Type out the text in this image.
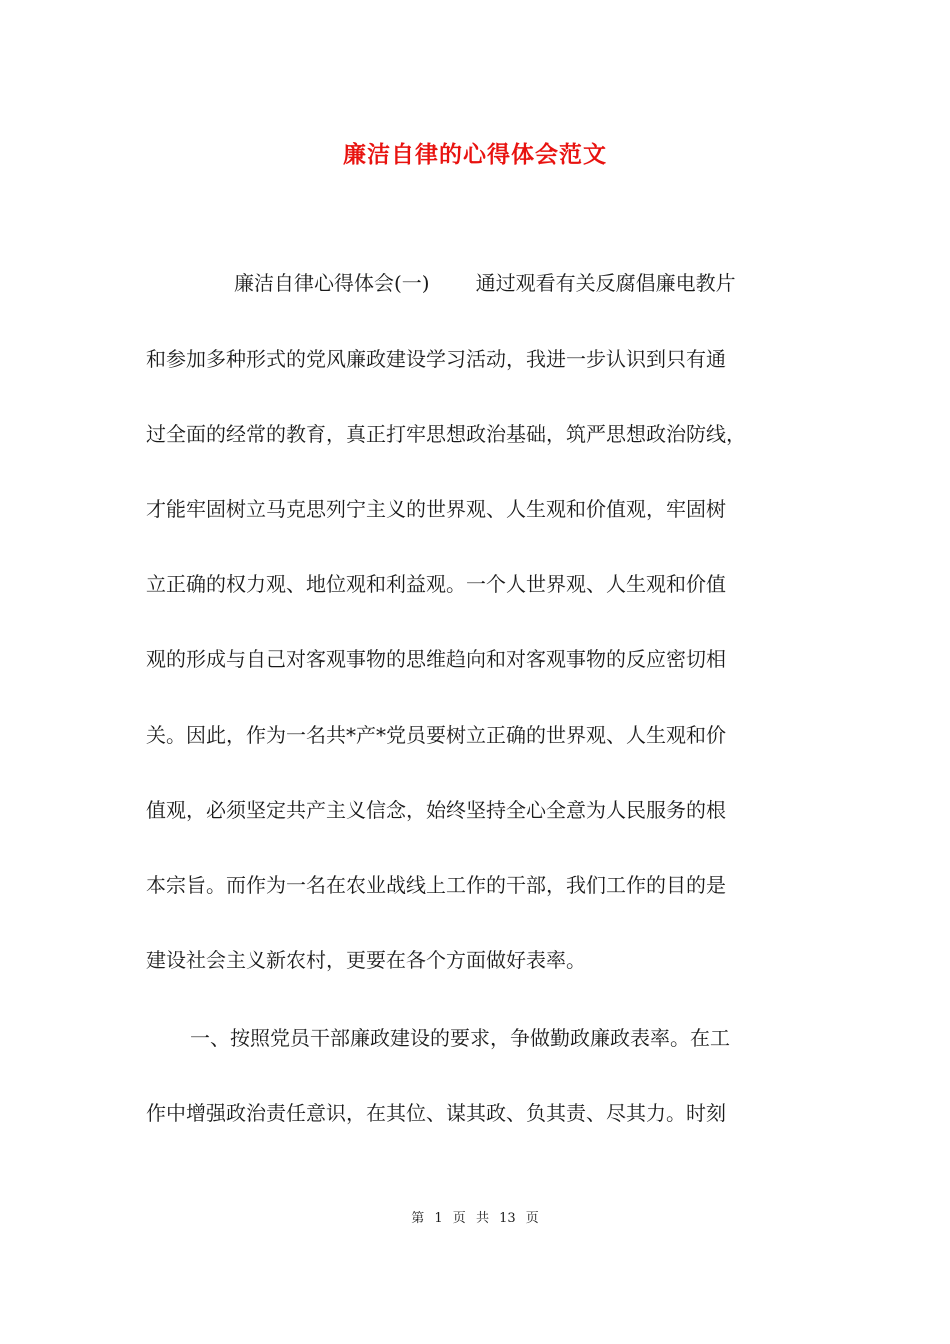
廉洁自律的心得体会范文
廉洁自律心得体会(一) 通过观看有关反腐倡廉电教片
和参加多种形式的党风廉政建设学习活动，我进一步认识到只有通
过全面的经常的教育，真正打牢思想政治基础，筑严思想政治防线，
才能牢固树立马克思列宁主义的世界观、人生观和价值观，牢固树
立正确的权力观、地位观和利益观。一个人世界观、人生观和价值
观的形成与自己对客观事物的思维趋向和对客观事物的反应密切相
关。因此，作为一名共*产*党员要树立正确的世界观、人生观和价
值观，必须坚定共产主义信念，始终坚持全心全意为人民服务的根
本宗旨。而作为一名在农业战线上工作的干部，我们工作的目的是
建设社会主义新农村，更要在各个方面做好表率。
一、按照党员干部廉政建设的要求，争做勤政廉政表率。在工
作中增强政治责任意识，在其位、谋其政、负其责、尽其力。时刻
第 1 页 共 13 页
